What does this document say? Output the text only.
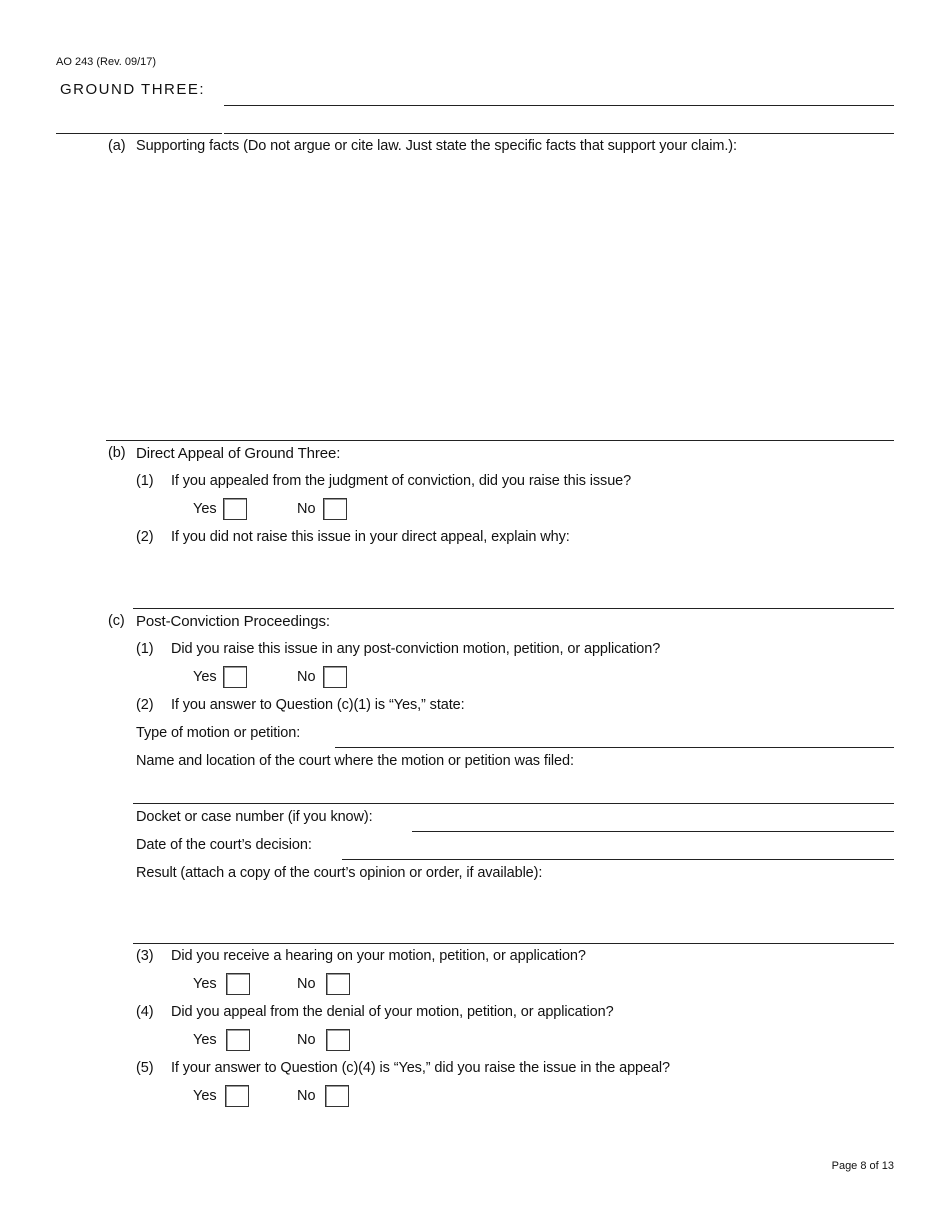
AO 243 (Rev. 09/17)
GROUND THREE:
(a) Supporting facts (Do not argue or cite law. Just state the specific facts that support your claim.):
(b) Direct Appeal of Ground Three:
(1) If you appealed from the judgment of conviction, did you raise this issue?
Yes	No
(2) If you did not raise this issue in your direct appeal, explain why:
(c) Post-Conviction Proceedings:
(1) Did you raise this issue in any post-conviction motion, petition, or application?
Yes	No
(2) If you answer to Question (c)(1) is “Yes,” state:
Type of motion or petition:
Name and location of the court where the motion or petition was filed:
Docket or case number (if you know):
Date of the court’s decision:
Result (attach a copy of the court’s opinion or order, if available):
(3) Did you receive a hearing on your motion, petition, or application?
Yes	No
(4) Did you appeal from the denial of your motion, petition, or application?
Yes	No
(5) If your answer to Question (c)(4) is “Yes,” did you raise the issue in the appeal?
Yes	No
Page 8 of 13
